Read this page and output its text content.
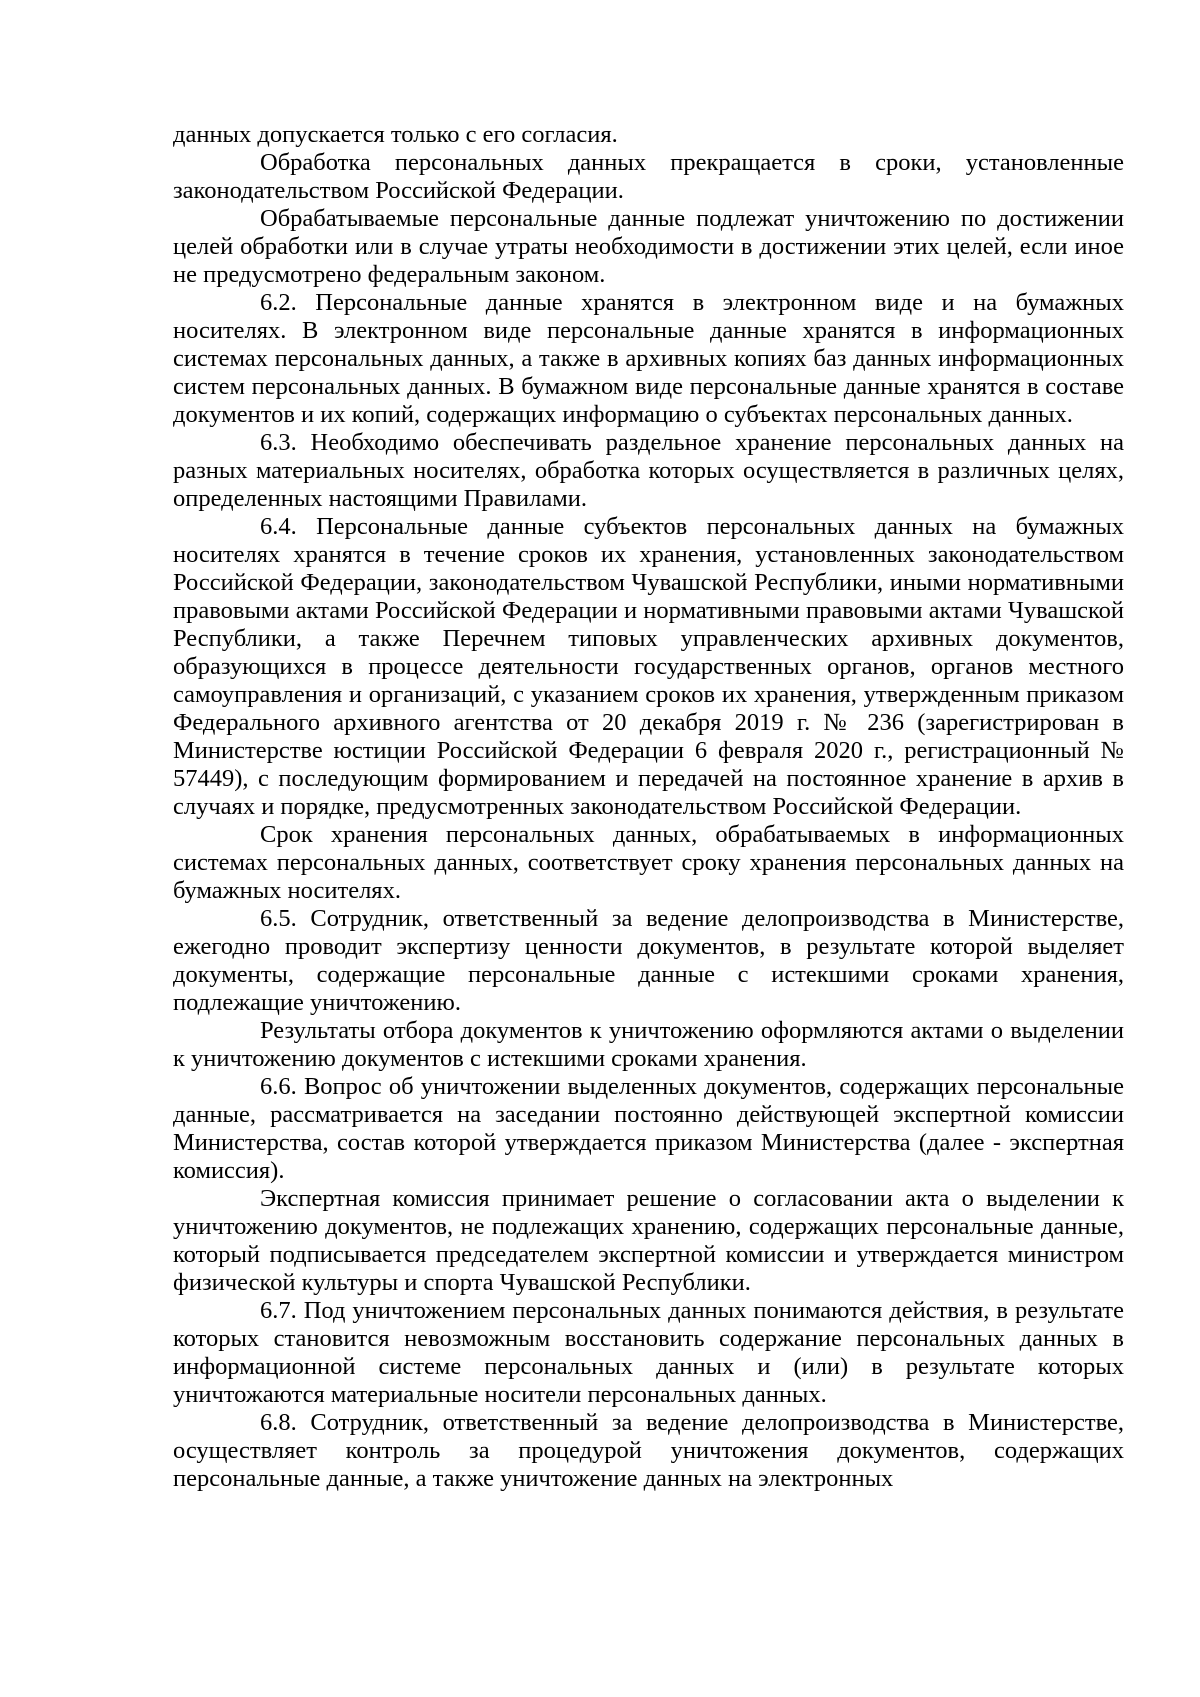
данных допускается только с его согласия.

Обработка персональных данных прекращается в сроки, установленные законодательством Российской Федерации.

Обрабатываемые персональные данные подлежат уничтожению по достижении целей обработки или в случае утраты необходимости в достижении этих целей, если иное не предусмотрено федеральным законом.

6.2. Персональные данные хранятся в электронном виде и на бумажных носителях. В электронном виде персональные данные хранятся в информационных системах персональных данных, а также в архивных копиях баз данных информационных систем персональных данных. В бумажном виде персональные данные хранятся в составе документов и их копий, содержащих информацию о субъектах персональных данных.

6.3. Необходимо обеспечивать раздельное хранение персональных данных на разных материальных носителях, обработка которых осуществляется в различных целях, определенных настоящими Правилами.

6.4. Персональные данные субъектов персональных данных на бумажных носителях хранятся в течение сроков их хранения, установленных законодательством Российской Федерации, законодательством Чувашской Республики, иными нормативными правовыми актами Российской Федерации и нормативными правовыми актами Чувашской Республики, а также Перечнем типовых управленческих архивных документов, образующихся в процессе деятельности государственных органов, органов местного самоуправления и организаций, с указанием сроков их хранения, утвержденным приказом Федерального архивного агентства от 20 декабря 2019 г. № 236 (зарегистрирован в Министерстве юстиции Российской Федерации 6 февраля 2020 г., регистрационный № 57449), с последующим формированием и передачей на постоянное хранение в архив в случаях и порядке, предусмотренных законодательством Российской Федерации.

Срок хранения персональных данных, обрабатываемых в информационных системах персональных данных, соответствует сроку хранения персональных данных на бумажных носителях.

6.5. Сотрудник, ответственный за ведение делопроизводства в Министерстве, ежегодно проводит экспертизу ценности документов, в результате которой выделяет документы, содержащие персональные данные с истекшими сроками хранения, подлежащие уничтожению.

Результаты отбора документов к уничтожению оформляются актами о выделении к уничтожению документов с истекшими сроками хранения.

6.6. Вопрос об уничтожении выделенных документов, содержащих персональные данные, рассматривается на заседании постоянно действующей экспертной комиссии Министерства, состав которой утверждается приказом Министерства (далее - экспертная комиссия).

Экспертная комиссия принимает решение о согласовании акта о выделении к уничтожению документов, не подлежащих хранению, содержащих персональные данные, который подписывается председателем экспертной комиссии и утверждается министром физической культуры и спорта Чувашской Республики.

6.7. Под уничтожением персональных данных понимаются действия, в результате которых становится невозможным восстановить содержание персональных данных в информационной системе персональных данных и (или) в результате которых уничтожаются материальные носители персональных данных.

6.8. Сотрудник, ответственный за ведение делопроизводства в Министерстве, осуществляет контроль за процедурой уничтожения документов, содержащих персональные данные, а также уничтожение данных на электронных
